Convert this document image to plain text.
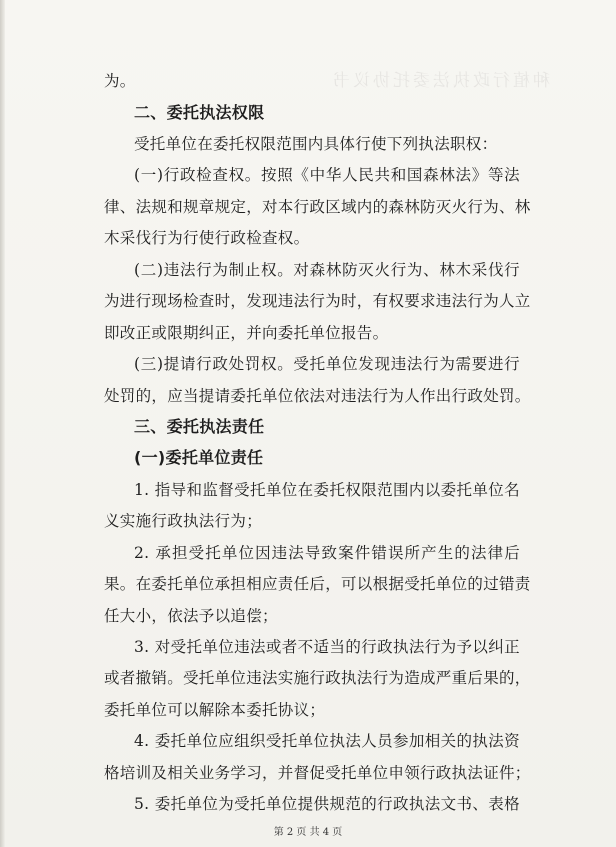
种植行政执法委托协议书
为。
二、委托执法权限
受托单位在委托权限范围内具体行使下列执法职权：
(一)行政检查权。按照《中华人民共和国森林法》等法
律、法规和规章规定，对本行政区域内的森林防灭火行为、林
木采伐行为行使行政检查权。
(二)违法行为制止权。对森林防灭火行为、林木采伐行
为进行现场检查时，发现违法行为时，有权要求违法行为人立
即改正或限期纠正，并向委托单位报告。
(三)提请行政处罚权。受托单位发现违法行为需要进行
处罚的，应当提请委托单位依法对违法行为人作出行政处罚。
三、委托执法责任
(一)委托单位责任
1. 指导和监督受托单位在委托权限范围内以委托单位名
义实施行政执法行为；
2. 承担受托单位因违法导致案件错误所产生的法律后
果。在委托单位承担相应责任后，可以根据受托单位的过错责
任大小，依法予以追偿；
3. 对受托单位违法或者不适当的行政执法行为予以纠正
或者撤销。受托单位违法实施行政执法行为造成严重后果的，
委托单位可以解除本委托协议；
4. 委托单位应组织受托单位执法人员参加相关的执法资
格培训及相关业务学习，并督促受托单位申领行政执法证件；
5. 委托单位为受托单位提供规范的行政执法文书、表格
第 2 页 共 4 页
